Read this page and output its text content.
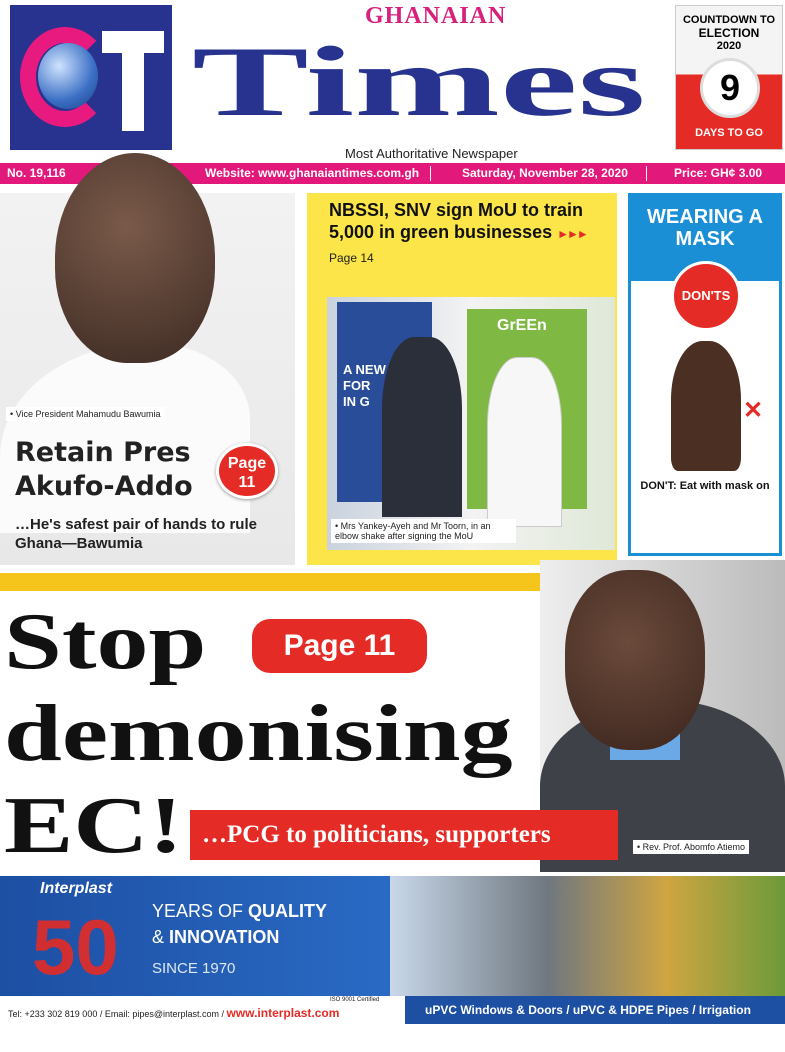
GHANAIAN
Times
Most Authoritative Newspaper
COUNTDOWN TO
ELECTION
2020
9
DAYS TO GO
No. 19,116	Website: www.ghanaiantimes.com.gh	Saturday, November 28, 2020	Price: GH¢ 3.00
• Vice President Mahamudu Bawumia
Retain Pres Akufo-Addo
Page 11
…He's safest pair of hands to rule Ghana—Bawumia
NBSSI, SNV sign MoU to train 5,000 in green businesses ►►► Page 14
A NEW FOR IN G
GrEEn
• Mrs Yankey-Ayeh and Mr Toorn, in an elbow shake after signing the MoU
WEARING A MASK
DON'TS
✕
DON'T: Eat with mask on
• Rev. Prof. Abomfo Atiemo
Stop	Page 11
demonising
EC! …PCG to politicians, supporters
Interplast
50 YEARS OF QUALITY
& INNOVATION
SINCE 1970
ISO 9001 Certified
Tel: +233 302 819 000 / Email: pipes@interplast.com / www.interplast.com	uPVC Windows & Doors / uPVC & HDPE Pipes / Irrigation Solutions
